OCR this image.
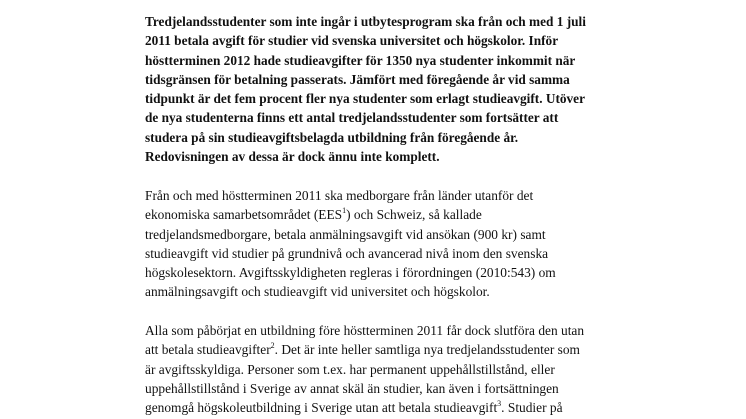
Tredjelandsstudenter som inte ingår i utbytesprogram ska från och med 1 juli
2011 betala avgift för studier vid svenska universitet och högskolor. Inför
höstterminen 2012 hade studieavgifter för 1350 nya studenter inkommit när
tidsgränsen för betalning passerats. Jämfört med föregående år vid samma
tidpunkt är det fem procent fler nya studenter som erlagt studieavgift. Utöver
de nya studenterna finns ett antal tredjelandsstudenter som fortsätter att
studera på sin studieavgiftsbelagda utbildning från föregående år.
Redovisningen av dessa är dock ännu inte komplett.

Från och med höstterminen 2011 ska medborgare från länder utanför det
ekonomiska samarbetsområdet (EES$^1$) och Schweiz, så kallade
tredjelandsmedborgare, betala anmälningsavgift vid ansökan (900 kr) samt
studieavgift vid studier på grundnivå och avancerad nivå inom den svenska
högskolesektorn. Avgiftsskyldigheten regleras i förordningen (2010:543) om
anmälningsavgift och studieavgift vid universitet och högskolor.

Alla som påbörjat en utbildning före höstterminen 2011 får dock slutföra den utan
att betala studieavgifter$^2$. Det är inte heller samtliga nya tredjelandsstudenter som
är avgiftsskyldiga. Personer som t.ex. har permanent uppehållstillstånd, eller
uppehållstillstånd i Sverige av annat skäl än studier, kan även i fortsättningen
genomgå högskoleutbildning i Sverige utan att betala studieavgift$^3$. Studier på
